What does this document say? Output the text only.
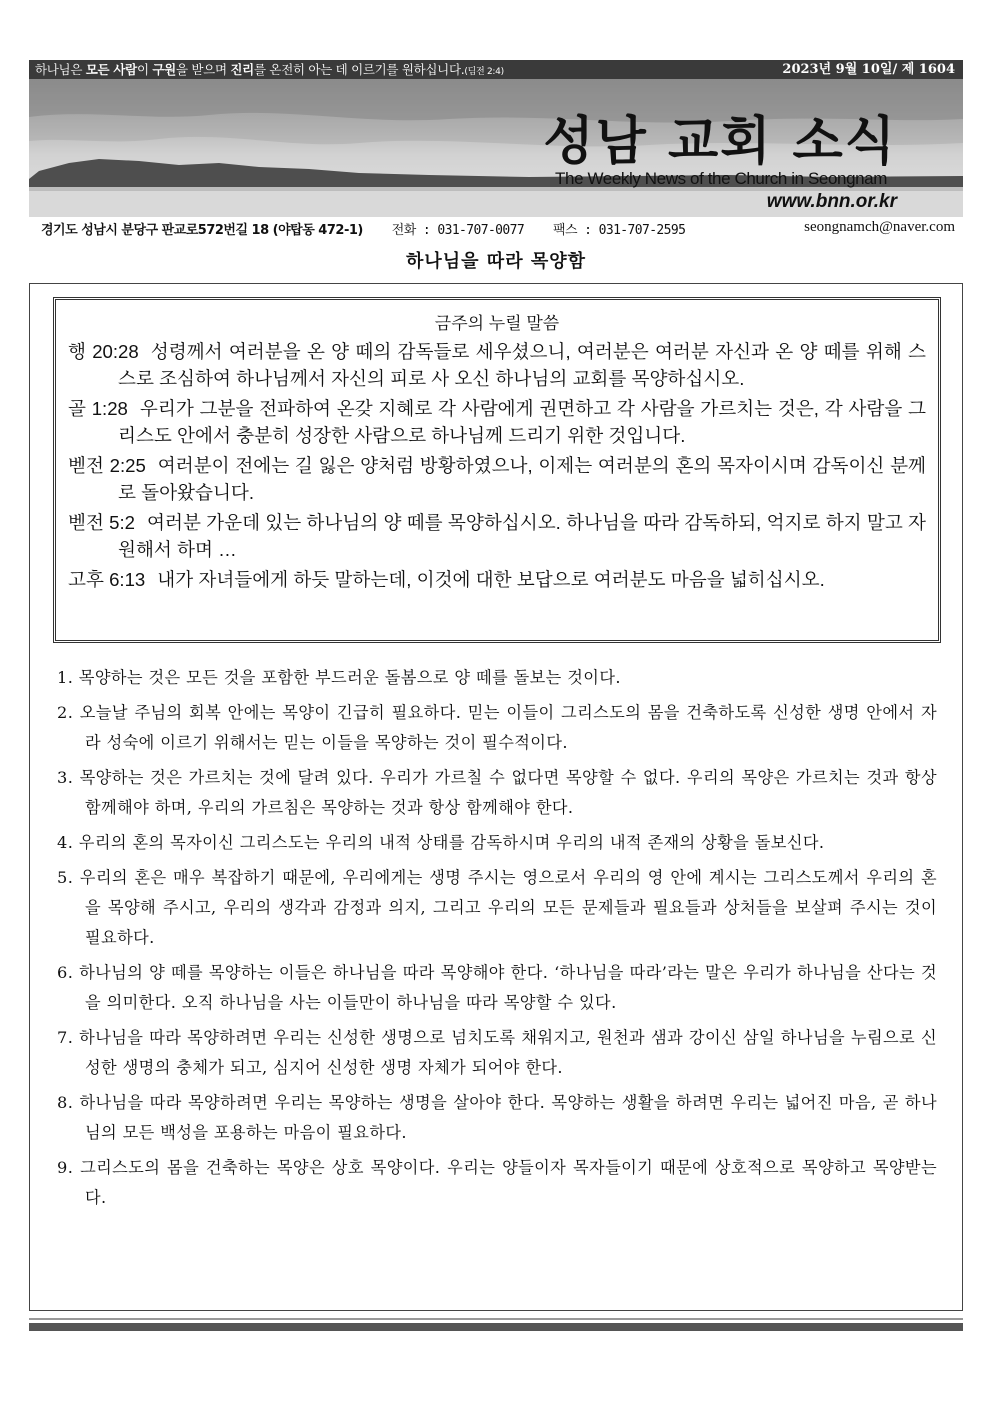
하나님은 모든 사람이 구원을 받으며 진리를 온전히 아는 데 이르기를 원하십니다.(딤전 2:4)	2023년 9월 10일/ 제 1604
성남 교회 소식
The Weekly News of the Church in Seongnam
www.bnn.or.kr
경기도 성남시 분당구 판교로572번길 18 (야탑동 472-1) 전화 : 031-707-0077 팩스 : 031-707-2595	seongnamch@naver.com
하나님을 따라 목양함
금주의 누릴 말씀
행 20:28 성령께서 여러분을 온 양 떼의 감독들로 세우셨으니, 여러분은 여러분 자신과 온 양 떼를 위해 스스로 조심하여 하나님께서 자신의 피로 사 오신 하나님의 교회를 목양하십시오.
골 1:28 우리가 그분을 전파하여 온갖 지혜로 각 사람에게 권면하고 각 사람을 가르치는 것은, 각 사람을 그리스도 안에서 충분히 성장한 사람으로 하나님께 드리기 위한 것입니다.
벧전 2:25 여러분이 전에는 길 잃은 양처럼 방황하였으나, 이제는 여러분의 혼의 목자이시며 감독이신 분께로 돌아왔습니다.
벧전 5:2 여러분 가운데 있는 하나님의 양 떼를 목양하십시오. 하나님을 따라 감독하되, 억지로 하지 말고 자원해서 하며 …
고후 6:13 내가 자녀들에게 하듯 말하는데, 이것에 대한 보답으로 여러분도 마음을 넓히십시오.
1. 목양하는 것은 모든 것을 포함한 부드러운 돌봄으로 양 떼를 돌보는 것이다.
2. 오늘날 주님의 회복 안에는 목양이 긴급히 필요하다. 믿는 이들이 그리스도의 몸을 건축하도록 신성한 생명 안에서 자라 성숙에 이르기 위해서는 믿는 이들을 목양하는 것이 필수적이다.
3. 목양하는 것은 가르치는 것에 달려 있다. 우리가 가르칠 수 없다면 목양할 수 없다. 우리의 목양은 가르치는 것과 항상 함께해야 하며, 우리의 가르침은 목양하는 것과 항상 함께해야 한다.
4. 우리의 혼의 목자이신 그리스도는 우리의 내적 상태를 감독하시며 우리의 내적 존재의 상황을 돌보신다.
5. 우리의 혼은 매우 복잡하기 때문에, 우리에게는 생명 주시는 영으로서 우리의 영 안에 계시는 그리스도께서 우리의 혼을 목양해 주시고, 우리의 생각과 감정과 의지, 그리고 우리의 모든 문제들과 필요들과 상처들을 보살펴 주시는 것이 필요하다.
6. 하나님의 양 떼를 목양하는 이들은 하나님을 따라 목양해야 한다. ‘하나님을 따라’라는 말은 우리가 하나님을 산다는 것을 의미한다. 오직 하나님을 사는 이들만이 하나님을 따라 목양할 수 있다.
7. 하나님을 따라 목양하려면 우리는 신성한 생명으로 넘치도록 채워지고, 원천과 샘과 강이신 삼일 하나님을 누림으로 신성한 생명의 충체가 되고, 심지어 신성한 생명 자체가 되어야 한다.
8. 하나님을 따라 목양하려면 우리는 목양하는 생명을 살아야 한다. 목양하는 생활을 하려면 우리는 넓어진 마음, 곧 하나님의 모든 백성을 포용하는 마음이 필요하다.
9. 그리스도의 몸을 건축하는 목양은 상호 목양이다. 우리는 양들이자 목자들이기 때문에 상호적으로 목양하고 목양받는다.
